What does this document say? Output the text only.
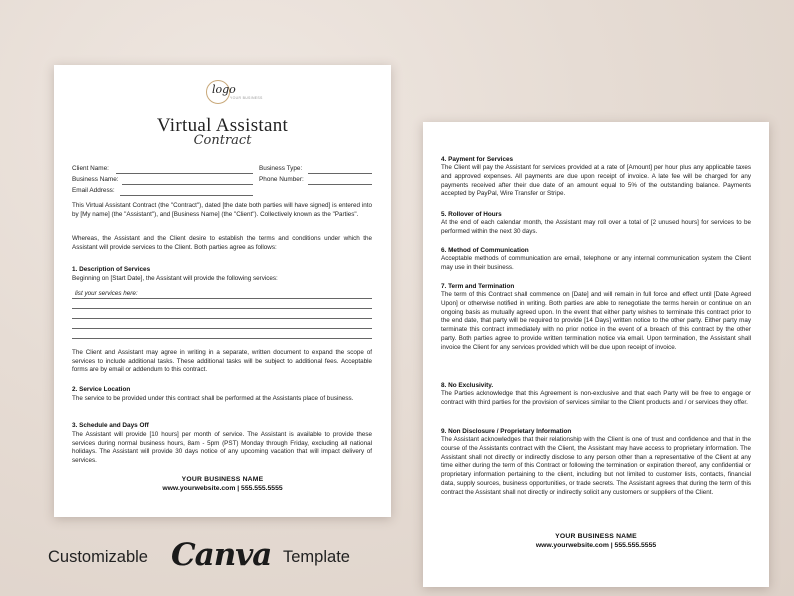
logo
YOUR BUSINESS
Virtual Assistant
Contract
Client Name:	Business Type:
Business Name:	Phone Number:
Email Address:
This Virtual Assistant Contract (the "Contract"), dated [the date both parties will have signed] is entered into by [My name] (the "Assistant"), and [Business Name] (the "Client"). Collectively known as the "Parties".
Whereas, the Assistant and the Client desire to establish the terms and conditions under which the Assistant will provide services to the Client. Both parties agree as follows:
1. Description of Services
Beginning on [Start Date], the Assistant will provide the following services:
list your services here:
The Client and Assistant may agree in writing in a separate, written document to expand the scope of services to include additional tasks. These additional tasks will be subject to additional fees. Acceptable forms are by email or addendum to this contract.
2. Service Location
The service to be provided under this contract shall be performed at the Assistants place of business.
3. Schedule and Days Off
The Assistant will provide [10 hours] per month of service. The Assistant is available to provide these services during normal business hours, 8am - 5pm (PST) Monday through Friday, excluding all national holidays. The Assistant will provide 30 days notice of any upcoming vacation that will impact delivery of services.
YOUR BUSINESS NAME
www.yourwebsite.com | 555.555.5555
4. Payment for Services
The Client will pay the Assistant for services provided at a rate of [Amount] per hour plus any applicable taxes and approved expenses. All payments are due upon receipt of invoice. A late fee will be charged for any payments received after their due date of an amount equal to 5% of the outstanding balance. Payments accepted by PayPal, Wire Transfer or Stripe.
5. Rollover of Hours
At the end of each calendar month, the Assistant may roll over a total of [2 unused hours] for services to be performed within the next 30 days.
6. Method of Communication
Acceptable methods of communication are email, telephone or any internal communication system the Client may use in their business.
7. Term and Termination
The term of this Contract shall commence on [Date] and will remain in full force and effect until [Date Agreed Upon] or otherwise notified in writing. Both parties are able to renegotiate the terms herein or continue on an ongoing basis as mutually agreed upon. In the event that either party wishes to terminate this contract prior to the end date, that party will be required to provide [14 Days] written notice to the other party. Either party may terminate this contract immediately with no prior notice in the event of a breach of this contract by the other party. Both parties agree to provide written termination notice via email. Upon termination, the Assistant shall invoice the Client for any services provided which will be due upon receipt of invoice.
8. No Exclusivity.
The Parties acknowledge that this Agreement is non-exclusive and that each Party will be free to engage or contract with third parties for the provision of services similar to the Client products and / or services they offer.
9. Non Disclosure / Proprietary Information
The Assistant acknowledges that their relationship with the Client is one of trust and confidence and that in the course of the Assistants contract with the Client, the Assistant may have access to proprietary information. The Assistant shall not directly or indirectly disclose to any person other than a representative of the Client at any time either during the term of this Contract or following the termination or expiration thereof, any confidential or proprietary information pertaining to the client, including but not limited to customer lists, contacts, financial data, supply sources, business opportunities, or trade secrets. The Assistant agrees that during the term of this contract the Assistant shall not directly or indirectly solicit any customers or suppliers of the Client.
YOUR BUSINESS NAME
www.yourwebsite.com | 555.555.5555
Customizable Canva Template
